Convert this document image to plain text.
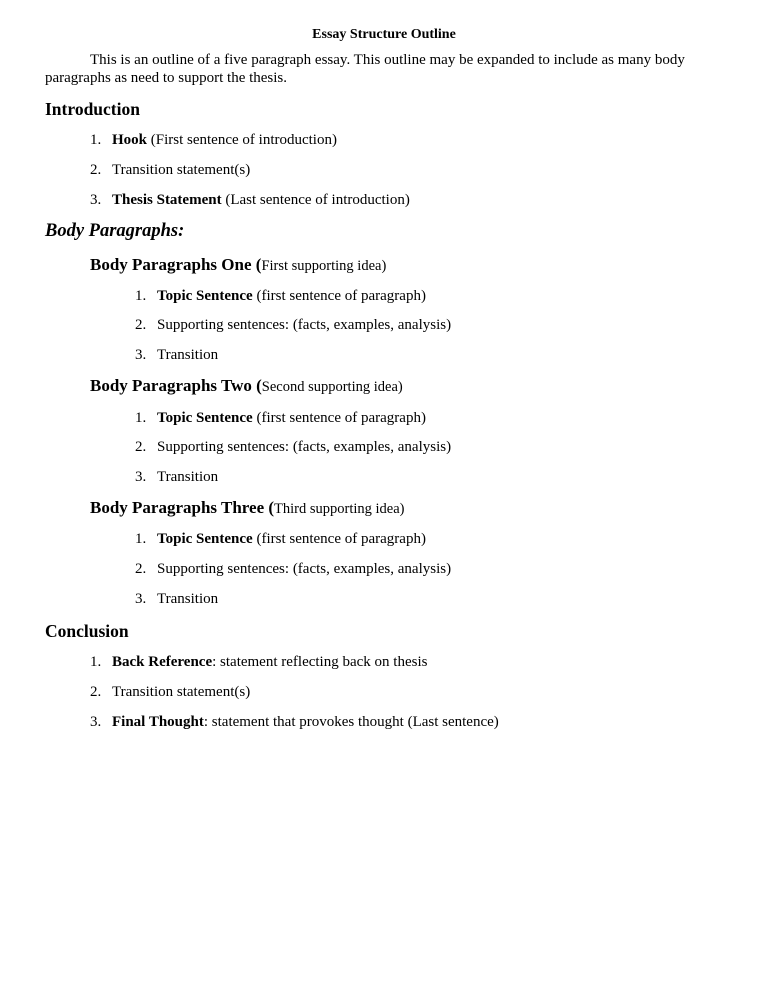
Essay Structure Outline
This is an outline of a five paragraph essay. This outline may be expanded to include as many body paragraphs as need to support the thesis.
Introduction
1. Hook (First sentence of introduction)
2. Transition statement(s)
3. Thesis Statement (Last sentence of introduction)
Body Paragraphs:
Body Paragraphs One (First supporting idea)
1. Topic Sentence (first sentence of paragraph)
2. Supporting sentences: (facts, examples, analysis)
3. Transition
Body Paragraphs Two (Second supporting idea)
1. Topic Sentence (first sentence of paragraph)
2. Supporting sentences: (facts, examples, analysis)
3. Transition
Body Paragraphs Three (Third supporting idea)
1. Topic Sentence (first sentence of paragraph)
2. Supporting sentences: (facts, examples, analysis)
3. Transition
Conclusion
1. Back Reference: statement reflecting back on thesis
2. Transition statement(s)
3. Final Thought: statement that provokes thought (Last sentence)
